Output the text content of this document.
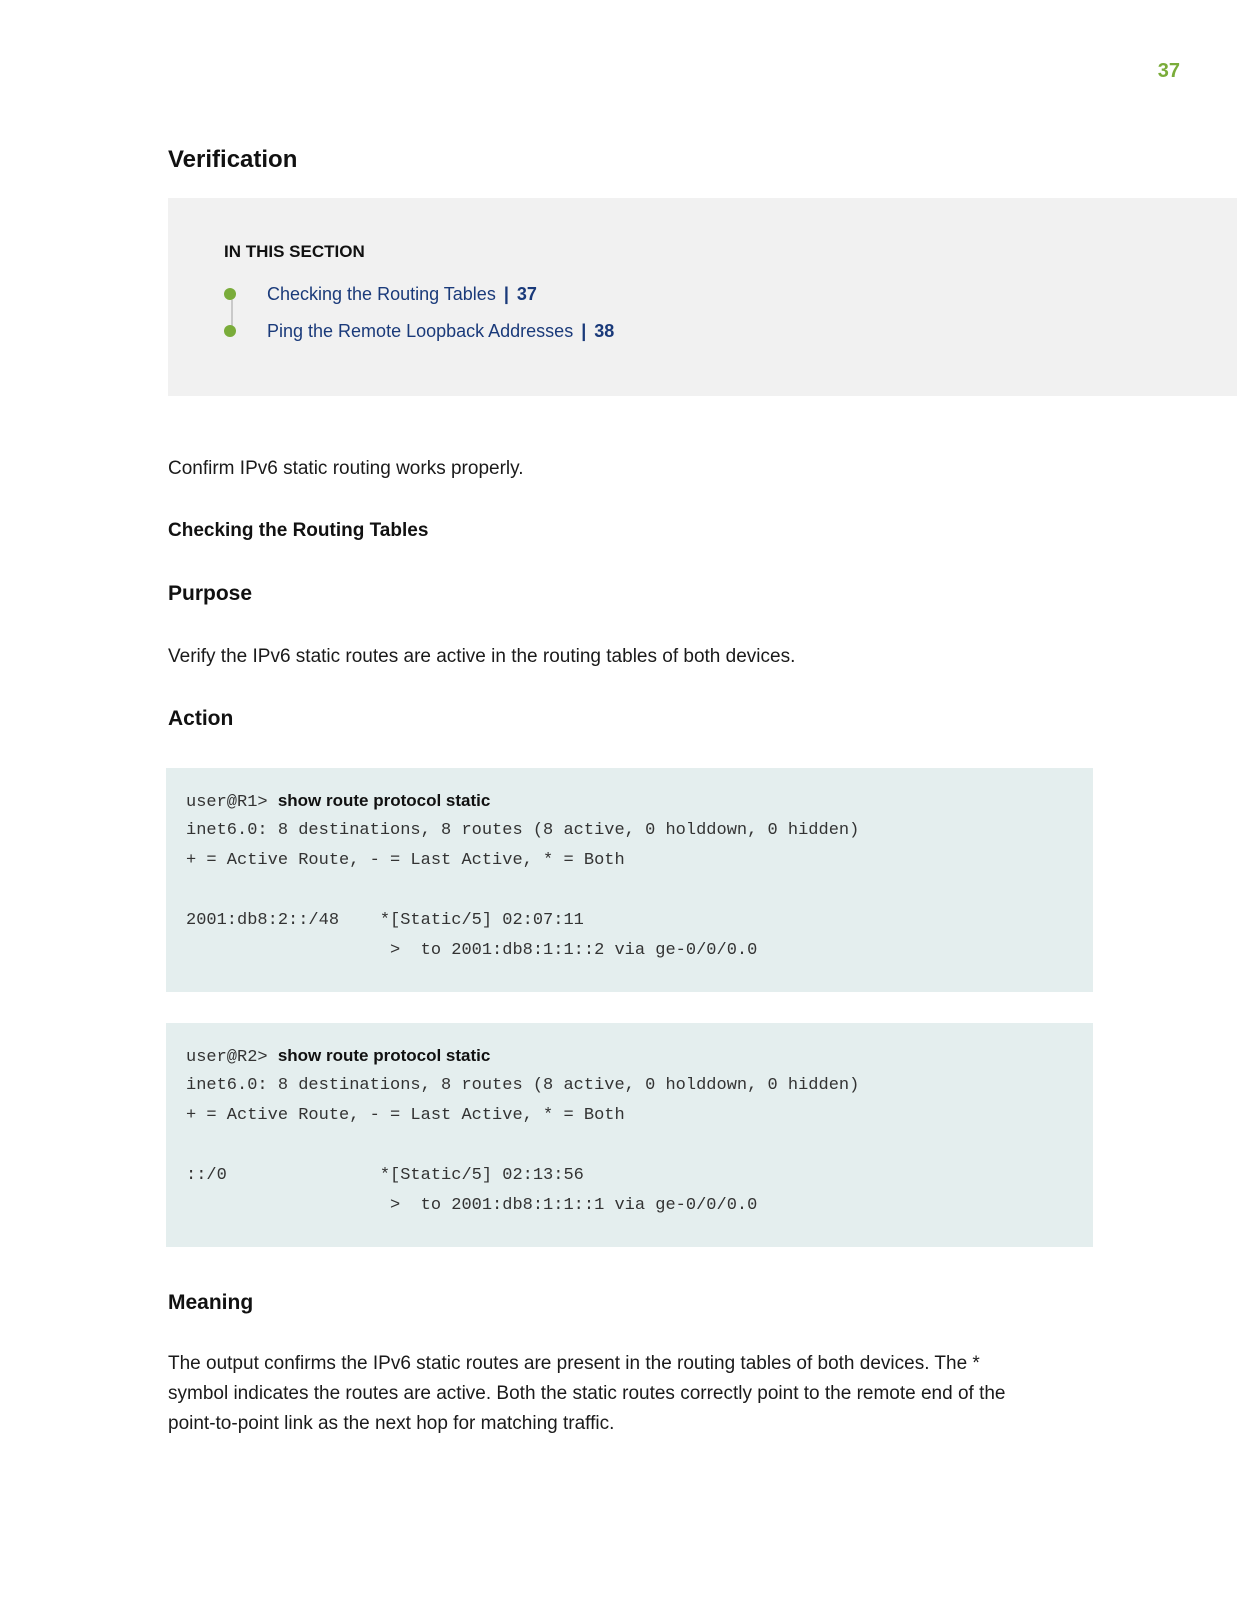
37
Verification
IN THIS SECTION
Checking the Routing Tables | 37
Ping the Remote Loopback Addresses | 38
Confirm IPv6 static routing works properly.
Checking the Routing Tables
Purpose
Verify the IPv6 static routes are active in the routing tables of both devices.
Action
user@R1> show route protocol static
inet6.0: 8 destinations, 8 routes (8 active, 0 holddown, 0 hidden)
+ = Active Route, - = Last Active, * = Both
2001:db8:2::/48    *[Static/5] 02:07:11
>  to 2001:db8:1:1::2 via ge-0/0/0.0
user@R2> show route protocol static
inet6.0: 8 destinations, 8 routes (8 active, 0 holddown, 0 hidden)
+ = Active Route, - = Last Active, * = Both
::/0               *[Static/5] 02:13:56
>  to 2001:db8:1:1::1 via ge-0/0/0.0
Meaning
The output confirms the IPv6 static routes are present in the routing tables of both devices. The *
symbol indicates the routes are active. Both the static routes correctly point to the remote end of the
point-to-point link as the next hop for matching traffic.
